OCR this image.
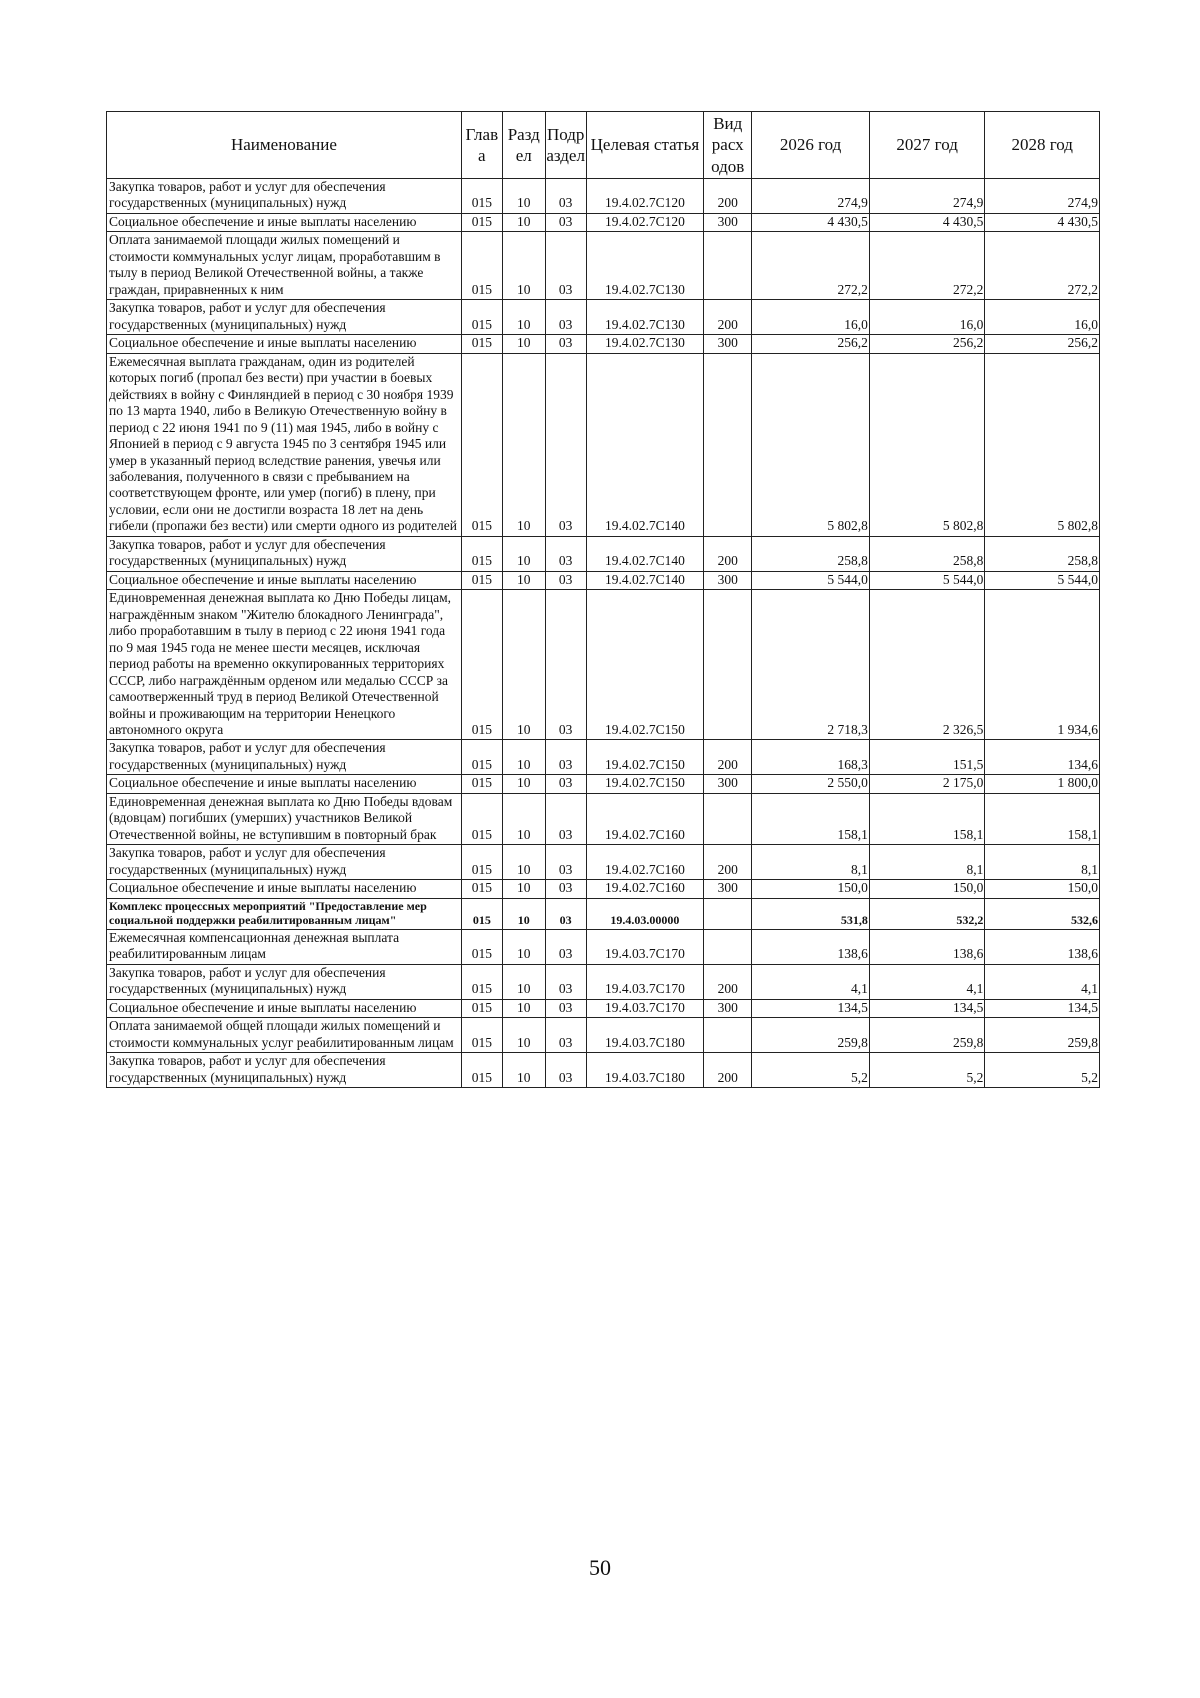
Наименование	Глав а	Разд ел	Подр аздел	Целевая статья	Вид расх одов	2026 год	2027 год	2028 год
Закупка товаров, работ и услуг для обеспечения государственных (муниципальных) нужд	015	10	03	19.4.02.7С120	200	274,9	274,9	274,9
Социальное обеспечение и иные выплаты населению	015	10	03	19.4.02.7С120	300	4 430,5	4 430,5	4 430,5
Оплата занимаемой площади жилых помещений и стоимости коммунальных услуг лицам, проработавшим в тылу в период Великой Отечественной войны, а также граждан, приравненных к ним	015	10	03	19.4.02.7С130		272,2	272,2	272,2
Закупка товаров, работ и услуг для обеспечения государственных (муниципальных) нужд	015	10	03	19.4.02.7С130	200	16,0	16,0	16,0
Социальное обеспечение и иные выплаты населению	015	10	03	19.4.02.7С130	300	256,2	256,2	256,2
Ежемесячная выплата гражданам, один из родителей которых погиб (пропал без вести) при участии в боевых действиях в войну с Финляндией в период с 30 ноября 1939 по 13 марта 1940, либо в Великую Отечественную войну в период с 22 июня 1941 по 9 (11) мая 1945, либо в войну с Японией в период с 9 августа 1945 по 3 сентября 1945 или умер в указанный период вследствие ранения, увечья или заболевания, полученного в связи с пребыванием на соответствующем фронте, или умер (погиб) в плену, при условии, если они не достигли возраста 18 лет на день гибели (пропажи без вести) или смерти одного из родителей	015	10	03	19.4.02.7С140		5 802,8	5 802,8	5 802,8
Закупка товаров, работ и услуг для обеспечения государственных (муниципальных) нужд	015	10	03	19.4.02.7С140	200	258,8	258,8	258,8
Социальное обеспечение и иные выплаты населению	015	10	03	19.4.02.7С140	300	5 544,0	5 544,0	5 544,0
Единовременная денежная выплата ко Дню Победы лицам, награждённым знаком "Жителю блокадного Ленинграда", либо проработавшим в тылу в период с 22 июня 1941 года по 9 мая 1945 года не менее шести месяцев, исключая период работы на временно оккупированных территориях СССР, либо награждённым орденом или медалью СССР за самоотверженный труд в период Великой Отечественной войны и проживающим на территории Ненецкого автономного округа	015	10	03	19.4.02.7С150		2 718,3	2 326,5	1 934,6
Закупка товаров, работ и услуг для обеспечения государственных (муниципальных) нужд	015	10	03	19.4.02.7С150	200	168,3	151,5	134,6
Социальное обеспечение и иные выплаты населению	015	10	03	19.4.02.7С150	300	2 550,0	2 175,0	1 800,0
Единовременная денежная выплата ко Дню Победы вдовам (вдовцам) погибших (умерших) участников Великой Отечественной войны, не вступившим в повторный брак	015	10	03	19.4.02.7С160		158,1	158,1	158,1
Закупка товаров, работ и услуг для обеспечения государственных (муниципальных) нужд	015	10	03	19.4.02.7С160	200	8,1	8,1	8,1
Социальное обеспечение и иные выплаты населению	015	10	03	19.4.02.7С160	300	150,0	150,0	150,0
Комплекс процессных мероприятий "Предоставление мер социальной поддержки реабилитированным лицам"	015	10	03	19.4.03.00000		531,8	532,2	532,6
Ежемесячная компенсационная денежная выплата реабилитированным лицам	015	10	03	19.4.03.7С170		138,6	138,6	138,6
Закупка товаров, работ и услуг для обеспечения государственных (муниципальных) нужд	015	10	03	19.4.03.7С170	200	4,1	4,1	4,1
Социальное обеспечение и иные выплаты населению	015	10	03	19.4.03.7С170	300	134,5	134,5	134,5
Оплата занимаемой общей площади жилых помещений и стоимости коммунальных услуг реабилитированным лицам	015	10	03	19.4.03.7С180		259,8	259,8	259,8
Закупка товаров, работ и услуг для обеспечения государственных (муниципальных) нужд	015	10	03	19.4.03.7С180	200	5,2	5,2	5,2
50
